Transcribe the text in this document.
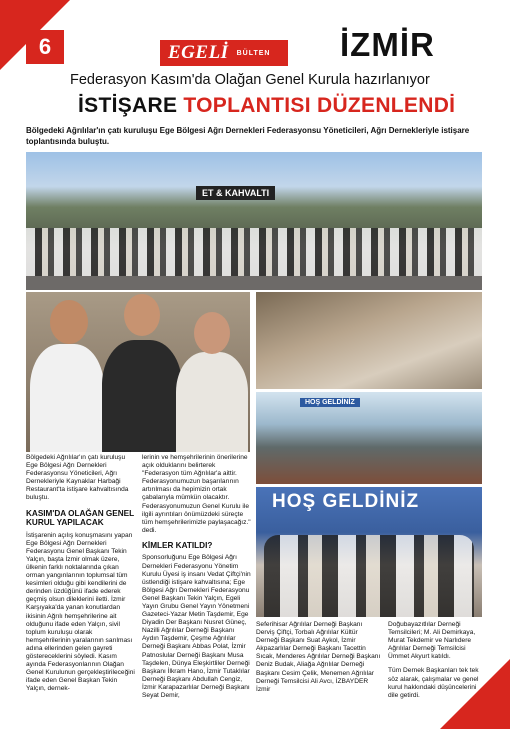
6	EGELİ BÜLTEN İZMİR
Federasyon Kasım'da Olağan Genel Kurula hazırlanıyor
İSTİŞARE TOPLANTISI DÜZENLENDİ
Bölgedeki Ağrılılar'ın çatı kuruluşu Ege Bölgesi Ağrı Dernekleri Federasyonsu Yöneticileri, Ağrı Dernekleriyle istişare toplantısında buluştu.
ET & KAHVALTI
HOŞ GELDİNİZ
HOŞ GELDİNİZ

Bölgedeki Ağrılılar'ın çatı kuruluşu Ege Bölgesi Ağrı Dernekleri Federasyonsu Yöneticileri, Ağrı Dernekleriyle Kaynaklar Harbaği Restaurant'ta istişare kahvaltısında buluştu.

KASIM'DA OLAĞAN GENEL KURUL YAPILACAK

İstişarenin açılış konuşmasını yapan Ege Bölgesi Ağrı Dernekleri Federasyonu Genel Başkanı Tekin Yalçın, başta İzmir olmak üzere, ülkenin farklı noktalarında çıkan orman yangınlarının toplumsal tüm kesimleri olduğu gibi kendilerini de derinden üzdüğünü ifade ederek geçmiş olsun dileklerini iletti. İzmir Karşıyaka'da yanan konutlardan ikisinin Ağrılı hemşehrilerine ait olduğunu ifade eden Yalçın, sivil toplum kuruluşu olarak hemşehrilerinin yaralarının sarılması adına ellerinden gelen gayreti göstereceklerini söyledi. Kasım ayında Federasyonlarının Olağan Genel Kurulunun gerçekleştirileceğini ifade eden Genel Başkan Tekin Yalçın, dernek-

lerinin ve hemşehrilerinin önerilerine açık olduklarını belirterek "Federasyon tüm Ağrılılar'a aittir. Federasyonumuzun başarılarının artırılması da hepimizin ortak çabalarıyla mümkün olacaktır. Federasyonumuzun Genel Kurulu ile ilgili ayrıntıları önümüzdeki süreçte tüm hemşehrilerimizle paylaşacağız." dedi.

KİMLER KATILDI?

Sponsorluğunu Ege Bölgesi Ağrı Dernekleri Federasyonu Yönetim Kurulu Üyesi iş insanı Vedat Çiftçi'nin üstlendiği istişare kahvaltısına; Ege Bölgesi Ağrı Dernekleri Federasyonu Genel Başkanı Tekin Yalçın, Egeli Yayın Grubu Genel Yayın Yönetmeni Gazeteci-Yazar Metin Taşdemir, Ege Diyadin Der Başkanı Nusret Güneç, Nazilli Ağrılılar Derneği Başkanı Aydın Taşdemir, Çeşme Ağrılılar Derneği Başkanı Abbas Polat, İzmir Patnoslular Derneği Başkanı Musa Taşdelen, Dünya Eleşkirtliler Derneği Başkanı İlkram Hano, İzmir Tutaklılar Derneği Başkanı Abdullah Cengiz, İzmir Karapazarlılar Derneği Başkanı Seyat Demir,

Seferihisar Ağrılılar Derneği Başkanı Derviş Çiftçi, Torbalı Ağrılılar Kültür Derneği Başkanı Suat Aykol, İzmir Akpazarlılar Derneği Başkanı Tacettin Sıcak, Menderes Ağrılılar Derneği Başkanı Deniz Budak, Aliağa Ağrılılar Derneği Başkanı Cesim Çelik, Menemen Ağrılılar Derneği Temsilcisi Ali Avcı, İZBAYDER İzmir

Doğubayazıtlılar Derneği Temsilcileri; M. Ali Demirkaya, Murat Tekdemir ve Narlıdere Ağrılılar Derneği Temsilcisi Ümmet Akyurt katıldı.

Tüm Dernek Başkanları tek tek söz alarak, çalışmalar ve genel kurul hakkındaki düşüncelerini dile getirdi.
